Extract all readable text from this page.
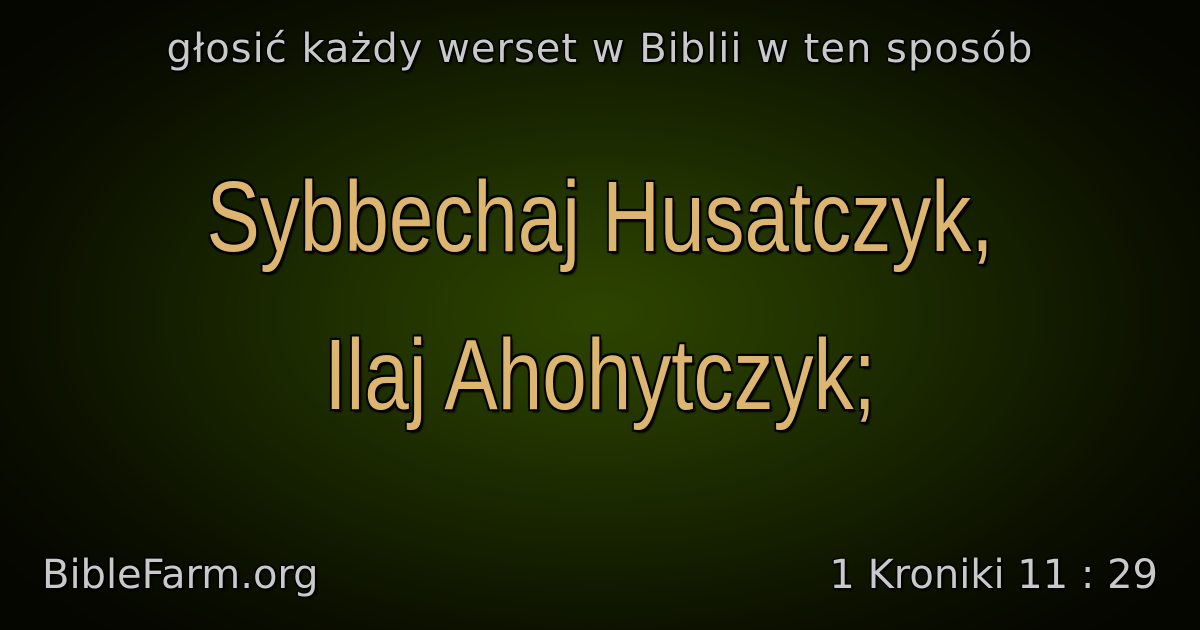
głosić każdy werset w Biblii w ten sposób
Sybbechaj Husatczyk,
Ilaj Ahohytczyk;
BibleFarm.org	1 Kroniki 11 : 29
